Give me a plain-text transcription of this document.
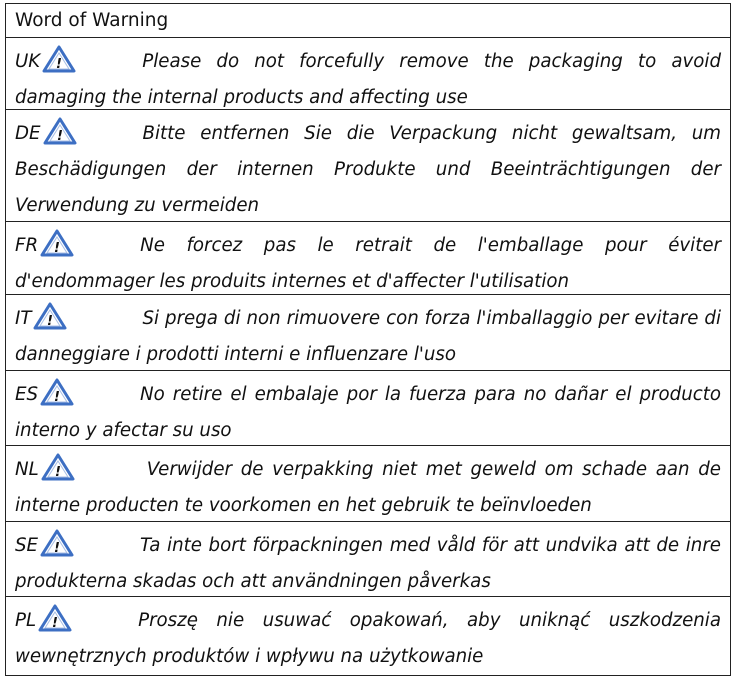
Word of Warning

UK !	Please do not forcefully remove the packaging to avoid damaging the internal products and affecting use

DE !	Bitte entfernen Sie die Verpackung nicht gewaltsam, um Beschädigungen der internen Produkte und Beeinträchtigungen der Verwendung zu vermeiden

FR !	Ne forcez pas le retrait de l'emballage pour éviter d'endommager les produits internes et d'affecter l'utilisation

IT !	Si prega di non rimuovere con forza l'imballaggio per evitare di danneggiare i prodotti interni e influenzare l'uso

ES !	No retire el embalaje por la fuerza para no dañar el producto interno y afectar su uso

NL !	Verwijder de verpakking niet met geweld om schade aan de interne producten te voorkomen en het gebruik te beïnvloeden

SE !	Ta inte bort förpackningen med våld för att undvika att de inre produkterna skadas och att användningen påverkas

PL !	Proszę nie usuwać opakowań, aby uniknąć uszkodzenia wewnętrznych produktów i wpływu na użytkowanie
